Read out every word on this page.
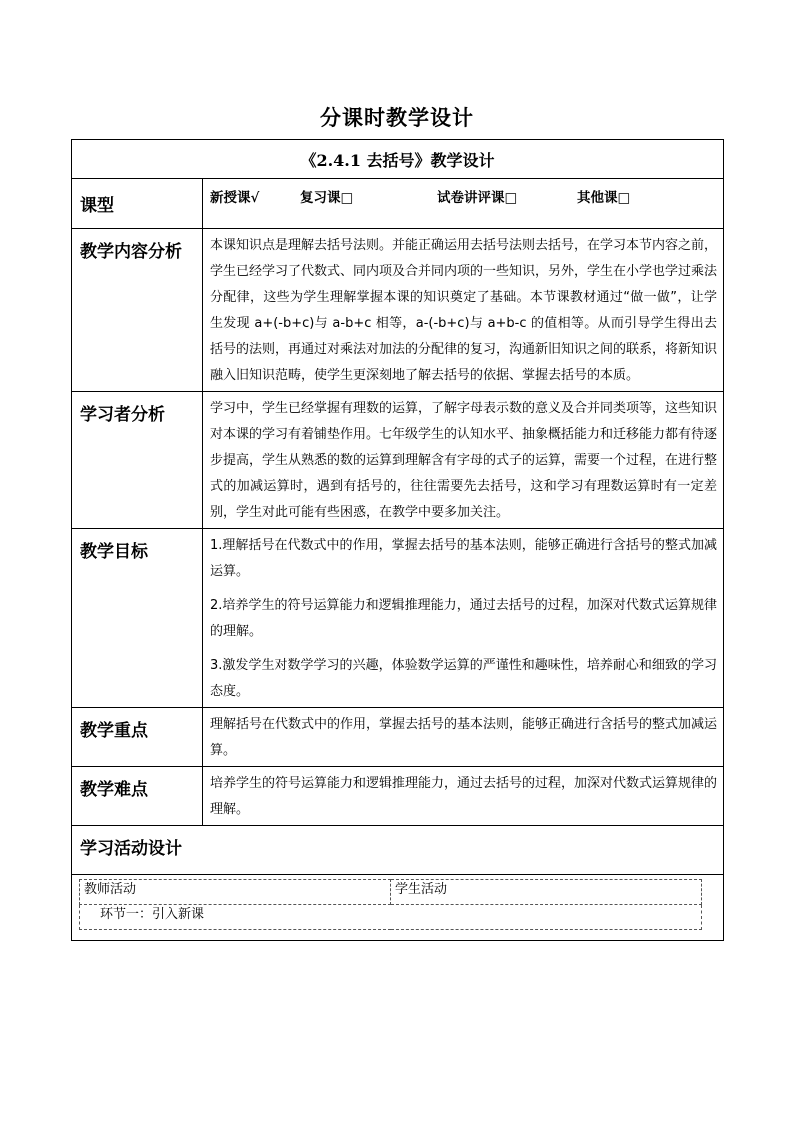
分课时教学设计
《2.4.1 去括号》教学设计
课型	新授课√	复习课□	试卷讲评课□	其他课□
教学内容分析	本课知识点是理解去括号法则。并能正确运用去括号法则去括号，在学习本节内容之前，学生已经学习了代数式、同内项及合并同内项的一些知识，另外，学生在小学也学过乘法分配律，这些为学生理解掌握本课的知识奠定了基础。本节课教材通过“做一做”，让学生发现 a+(-b+c)与 a-b+c 相等，a-(-b+c)与 a+b-c 的值相等。从而引导学生得出去括号的法则，再通过对乘法对加法的分配律的复习，沟通新旧知识之间的联系，将新知识融入旧知识范畴，使学生更深刻地了解去括号的依据、掌握去括号的本质。

学习者分析	学习中，学生已经掌握有理数的运算，了解字母表示数的意义及合并同类项等，这些知识对本课的学习有着铺垫作用。七年级学生的认知水平、抽象概括能力和迁移能力都有待逐步提高，学生从熟悉的数的运算到理解含有字母的式子的运算，需要一个过程，在进行整式的加减运算时，遇到有括号的，往往需要先去括号，这和学习有理数运算时有一定差别，学生对此可能有些困惑，在教学中要多加关注。

教学目标	1.理解括号在代数式中的作用，掌握去括号的基本法则，能够正确进行含括号的整式加减运算。

2.培养学生的符号运算能力和逻辑推理能力，通过去括号的过程，加深对代数式运算规律的理解。

3.激发学生对数学学习的兴趣，体验数学运算的严谨性和趣味性，培养耐心和细致的学习态度。

教学重点	理解括号在代数式中的作用，掌握去括号的基本法则，能够正确进行含括号的整式加减运算。

教学难点	培养学生的符号运算能力和逻辑推理能力，通过去括号的过程，加深对代数式运算规律的理解。

学习活动设计

教师活动	学生活动
环节一：引入新课
